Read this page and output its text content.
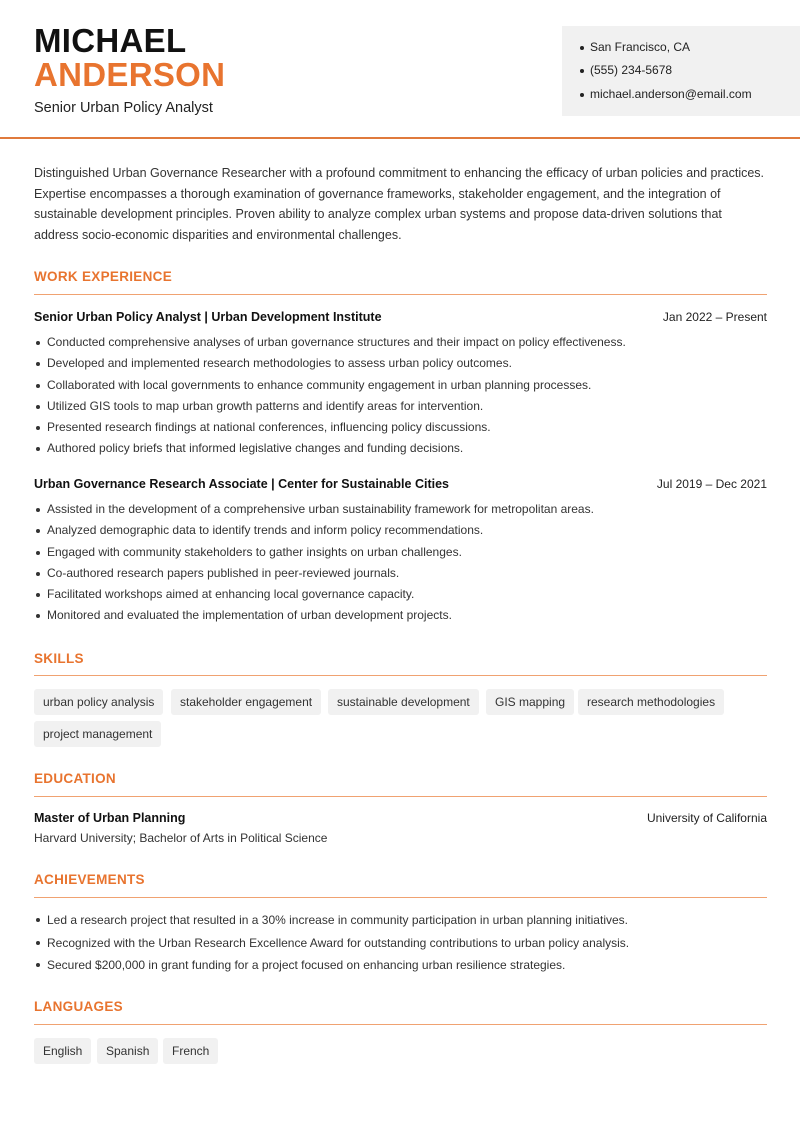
MICHAEL
ANDERSON
Senior Urban Policy Analyst
San Francisco, CA
(555) 234-5678
michael.anderson@email.com
Distinguished Urban Governance Researcher with a profound commitment to enhancing the efficacy of urban policies and practices. Expertise encompasses a thorough examination of governance frameworks, stakeholder engagement, and the integration of sustainable development principles. Proven ability to analyze complex urban systems and propose data-driven solutions that address socio-economic disparities and environmental challenges.
WORK EXPERIENCE
Senior Urban Policy Analyst | Urban Development Institute	Jan 2022 – Present
Conducted comprehensive analyses of urban governance structures and their impact on policy effectiveness.
Developed and implemented research methodologies to assess urban policy outcomes.
Collaborated with local governments to enhance community engagement in urban planning processes.
Utilized GIS tools to map urban growth patterns and identify areas for intervention.
Presented research findings at national conferences, influencing policy discussions.
Authored policy briefs that informed legislative changes and funding decisions.
Urban Governance Research Associate | Center for Sustainable Cities	Jul 2019 – Dec 2021
Assisted in the development of a comprehensive urban sustainability framework for metropolitan areas.
Analyzed demographic data to identify trends and inform policy recommendations.
Engaged with community stakeholders to gather insights on urban challenges.
Co-authored research papers published in peer-reviewed journals.
Facilitated workshops aimed at enhancing local governance capacity.
Monitored and evaluated the implementation of urban development projects.
SKILLS
urban policy analysis	stakeholder engagement	sustainable development	GIS mapping	research methodologies
project management
EDUCATION
Master of Urban Planning	University of California
Harvard University; Bachelor of Arts in Political Science
ACHIEVEMENTS
Led a research project that resulted in a 30% increase in community participation in urban planning initiatives.
Recognized with the Urban Research Excellence Award for outstanding contributions to urban policy analysis.
Secured $200,000 in grant funding for a project focused on enhancing urban resilience strategies.
LANGUAGES
English	Spanish	French
